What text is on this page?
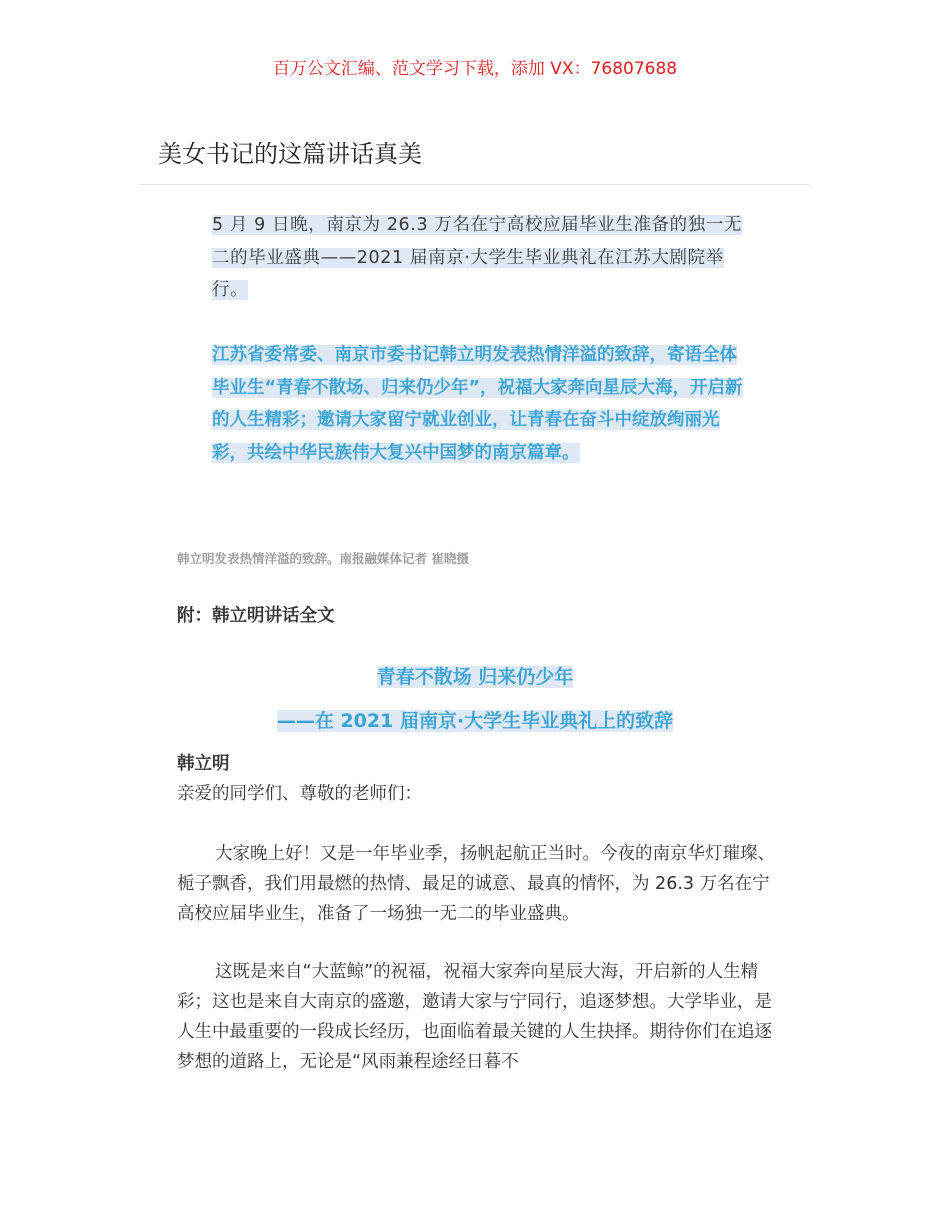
百万公文汇编、范文学习下载，添加 VX：76807688
美女书记的这篇讲话真美
5 月 9 日晚，南京为 26.3 万名在宁高校应届毕业生准备的独一无二的毕业盛典——2021 届南京·大学生毕业典礼在江苏大剧院举行。
江苏省委常委、南京市委书记韩立明发表热情洋溢的致辞，寄语全体毕业生“青春不散场、归来仍少年”，祝福大家奔向星辰大海，开启新的人生精彩；邀请大家留宁就业创业，让青春在奋斗中绽放绚丽光彩，共绘中华民族伟大复兴中国梦的南京篇章。
韩立明发表热情洋溢的致辞。南报融媒体记者 崔晓摄
附：韩立明讲话全文
青春不散场 归来仍少年
——在 2021 届南京·大学生毕业典礼上的致辞
韩立明
亲爱的同学们、尊敬的老师们：
大家晚上好！又是一年毕业季，扬帆起航正当时。今夜的南京华灯璀璨、栀子飘香，我们用最燃的热情、最足的诚意、最真的情怀，为 26.3 万名在宁高校应届毕业生，准备了一场独一无二的毕业盛典。
这既是来自“大蓝鲸”的祝福，祝福大家奔向星辰大海，开启新的人生精彩；这也是来自大南京的盛邀，邀请大家与宁同行，追逐梦想。大学毕业，是人生中最重要的一段成长经历，也面临着最关键的人生抉择。期待你们在追逐梦想的道路上，无论是“风雨兼程途经日暮不
